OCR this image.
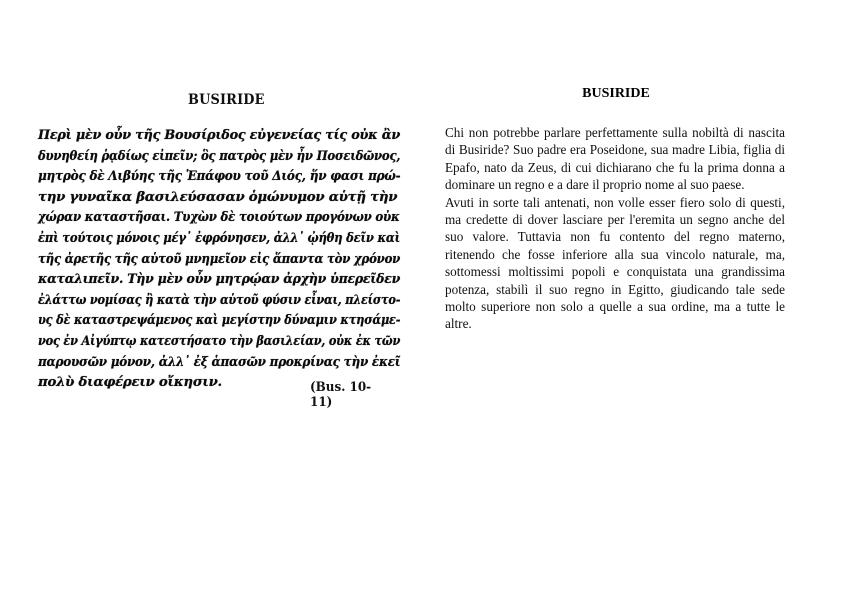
BUSIRIDE
Περὶ μὲν οὖν τῆς Βουσίριδος εὐγενείας τίς οὐκ ἂν
δυνηθείη ῥᾳδίως εἰπεῖν; ὃς πατρὸς μὲν ἦν Ποσειδῶνος,
μητρὸς δὲ Λιβύης τῆς Ἐπάφου τοῦ Διός, ἥν φασι πρώ-
την γυναῖκα βασιλεύσασαν ὁμώνυμον αὑτῇ τὴν
χώραν καταστῆσαι. Τυχὼν δὲ τοιούτων προγόνων οὐκ
ἐπὶ τούτοις μόνοις μέγ᾿ ἐφρόνησεν, ἀλλ᾿ ᾠήθη δεῖν καὶ
τῆς ἀρετῆς τῆς αὑτοῦ μνημεῖον εἰς ἅπαντα τὸν χρόνον
καταλιπεῖν. Τὴν μὲν οὖν μητρῴαν ἀρχὴν ὑπερεῖδεν
ἐλάττω νομίσας ἢ κατὰ τὴν αὑτοῦ φύσιν εἶναι, πλείστο-
υς δὲ καταστρεψάμενος καὶ μεγίστην δύναμιν κτησάμε-
νος ἐν Αἰγύπτῳ κατεστήσατο τὴν βασιλείαν, οὐκ ἐκ τῶν
παρουσῶν μόνον, ἀλλ᾿ ἐξ ἁπασῶν προκρίνας τὴν ἐκεῖ
πολὺ διαφέρειν οἴκησιν.	(Bus. 10-11)
BUSIRIDE

Chi non potrebbe parlare perfettamente sulla nobiltà di nascita di Busiride? Suo padre era Poseidone, sua madre Libia, figlia di Epafo, nato da Zeus, di cui dichiarano che fu la prima donna a dominare un regno e a dare il proprio nome al suo paese.

Avuti in sorte tali antenati, non volle esser fiero solo di questi, ma credette di dover lasciare per l'eremita un segno anche del suo valore. Tuttavia non fu contento del regno materno, ritenendo che fosse inferiore alla sua vincolo naturale, ma, sottomessi moltissimi popoli e conquistata una grandissima potenza, stabilì il suo regno in Egitto, giudicando tale sede molto superiore non solo a quelle a sua ordine, ma a tutte le altre.
